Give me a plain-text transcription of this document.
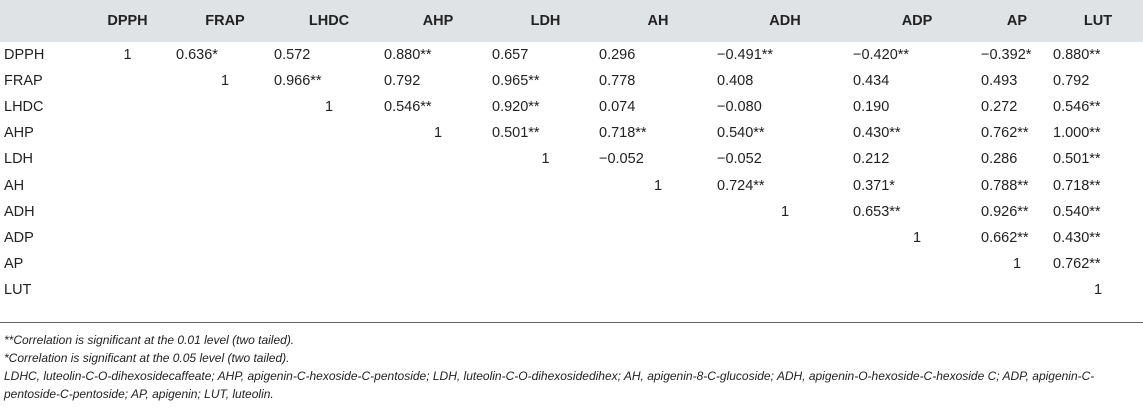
	DPPH	FRAP	LHDC	AHP	LDH	AH	ADH	ADP	AP	LUT
DPPH	1	0.636*	0.572	0.880**	0.657	0.296	−0.491**	−0.420**	−0.392*	0.880**
FRAP		1	0.966**	0.792	0.965**	0.778	0.408	0.434	0.493	0.792
LHDC			1	0.546**	0.920**	0.074	−0.080	0.190	0.272	0.546**
AHP				1	0.501**	0.718**	0.540**	0.430**	0.762**	1.000**
LDH					1	−0.052	−0.052	0.212	0.286	0.501**
AH						1	0.724**	0.371*	0.788**	0.718**
ADH							1	0.653**	0.926**	0.540**
ADP								1	0.662**	0.430**
AP									1	0.762**
LUT										1
**Correlation is significant at the 0.01 level (two tailed).
*Correlation is significant at the 0.05 level (two tailed).
LDHC, luteolin-C-O-dihexosidecaffeate; AHP, apigenin-C-hexoside-C-pentoside; LDH, luteolin-C-O-dihexosidedihex; AH, apigenin-8-C-glucoside; ADH, apigenin-O-hexoside-C-hexoside C; ADP, apigenin-C-pentoside-C-pentoside; AP, apigenin; LUT, luteolin.
